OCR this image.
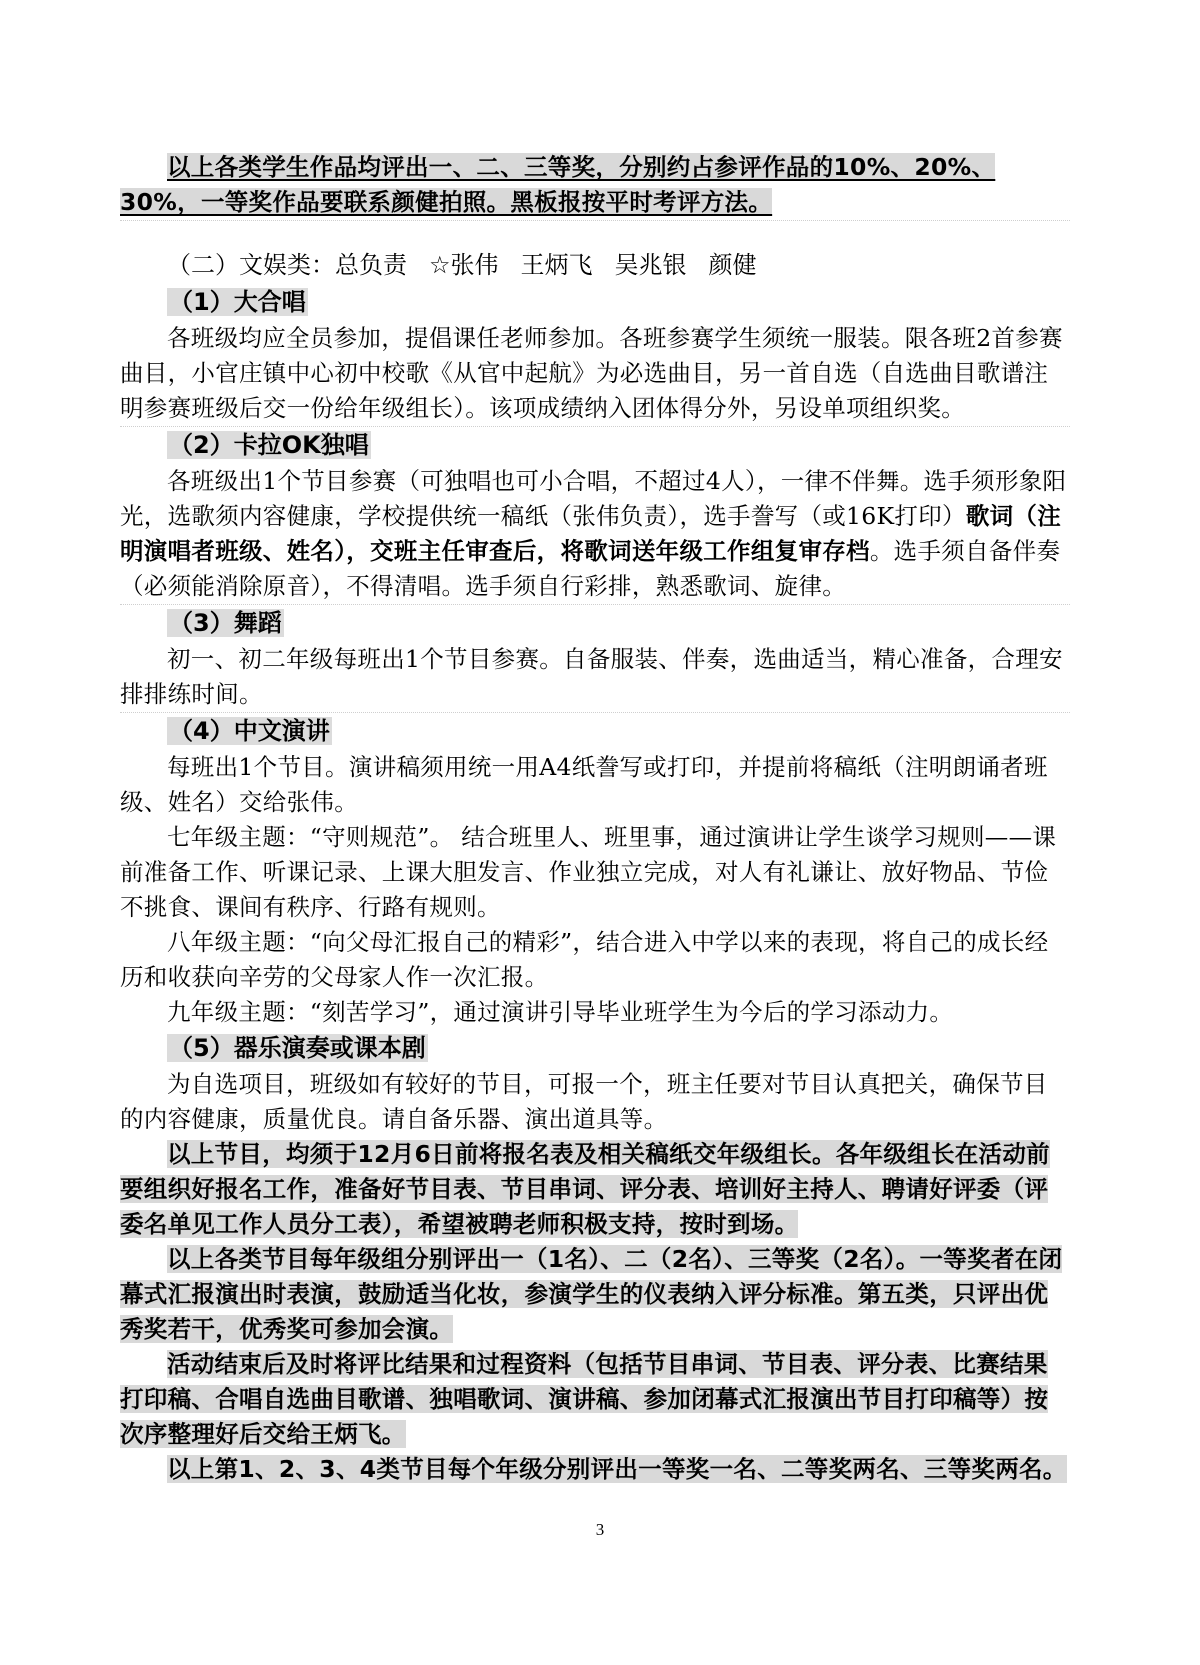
以上各类学生作品均评出一、二、三等奖，分别约占参评作品的10%、20%、30%，一等奖作品要联系颜健拍照。黑板报按平时考评方法。

（二）文娱类：总负责 ☆张伟 王炳飞 吴兆银 颜健

（1）大合唱

各班级均应全员参加，提倡课任老师参加。各班参赛学生须统一服装。限各班2首参赛曲目，小官庄镇中心初中校歌《从官中起航》为必选曲目，另一首自选（自选曲目歌谱注明参赛班级后交一份给年级组长）。该项成绩纳入团体得分外，另设单项组织奖。

（2）卡拉OK独唱

各班级出1个节目参赛（可独唱也可小合唱，不超过4人），一律不伴舞。选手须形象阳光，选歌须内容健康，学校提供统一稿纸（张伟负责），选手誊写（或16K打印）歌词（注明演唱者班级、姓名），交班主任审查后，将歌词送年级工作组复审存档。选手须自备伴奏（必须能消除原音），不得清唱。选手须自行彩排，熟悉歌词、旋律。

（3）舞蹈

初一、初二年级每班出1个节目参赛。自备服装、伴奏，选曲适当，精心准备，合理安排排练时间。

（4）中文演讲

每班出1个节目。演讲稿须用统一用A4纸誊写或打印，并提前将稿纸（注明朗诵者班级、姓名）交给张伟。

七年级主题：“守则规范”。 结合班里人、班里事，通过演讲让学生谈学习规则——课前准备工作、听课记录、上课大胆发言、作业独立完成，对人有礼谦让、放好物品、节俭不挑食、课间有秩序、行路有规则。

八年级主题：“向父母汇报自己的精彩”，结合进入中学以来的表现，将自己的成长经历和收获向辛劳的父母家人作一次汇报。

九年级主题：“刻苦学习”，通过演讲引导毕业班学生为今后的学习添动力。

（5）器乐演奏或课本剧

为自选项目，班级如有较好的节目，可报一个，班主任要对节目认真把关，确保节目的内容健康，质量优良。请自备乐器、演出道具等。

以上节目，均须于12月6日前将报名表及相关稿纸交年级组长。各年级组长在活动前要组织好报名工作，准备好节目表、节目串词、评分表、培训好主持人、聘请好评委（评委名单见工作人员分工表），希望被聘老师积极支持，按时到场。

以上各类节目每年级组分别评出一（1名）、二（2名）、三等奖（2名）。一等奖者在闭幕式汇报演出时表演，鼓励适当化妆，参演学生的仪表纳入评分标准。第五类，只评出优秀奖若干，优秀奖可参加会演。

活动结束后及时将评比结果和过程资料（包括节目串词、节目表、评分表、比赛结果打印稿、合唱自选曲目歌谱、独唱歌词、演讲稿、参加闭幕式汇报演出节目打印稿等）按次序整理好后交给王炳飞。

以上第1、2、3、4类节目每个年级分别评出一等奖一名、二等奖两名、三等奖两名。

3
